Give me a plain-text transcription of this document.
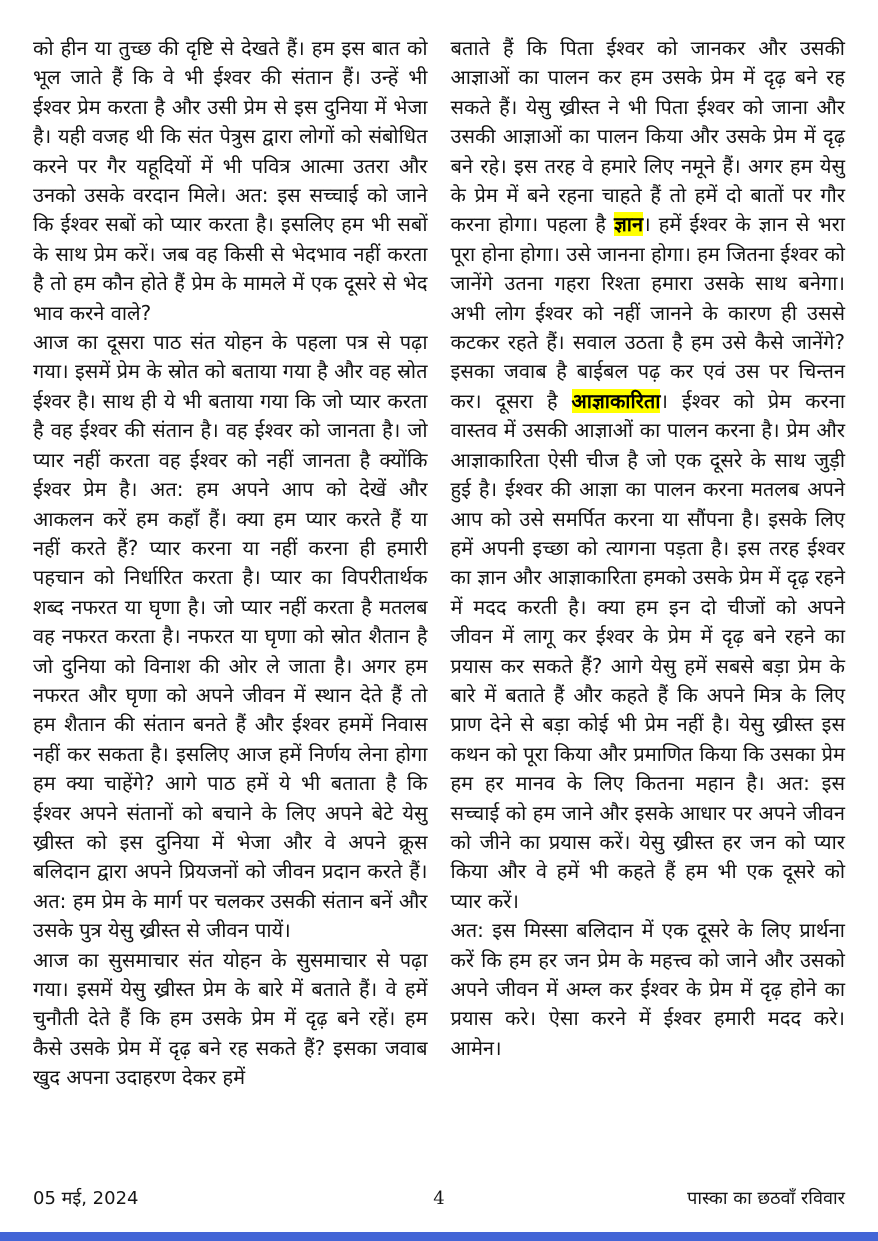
को हीन या तुच्छ की दृष्टि से देखते हैं। हम इस बात को भूल जाते हैं कि वे भी ईश्वर की संतान हैं। उन्हें भी ईश्वर प्रेम करता है और उसी प्रेम से इस दुनिया में भेजा है। यही वजह थी कि संत पेत्रुस द्वारा लोगों को संबोधित करने पर गैर यहूदियों में भी पवित्र आत्मा उतरा और उनको उसके वरदान मिले। अत: इस सच्चाई को जाने कि ईश्वर सबों को प्यार करता है। इसलिए हम भी सबों के साथ प्रेम करें। जब वह किसी से भेदभाव नहीं करता है तो हम कौन होते हैं प्रेम के मामले में एक दूसरे से भेद भाव करने वाले?

आज का दूसरा पाठ संत योहन के पहला पत्र से पढ़ा गया। इसमें प्रेम के स्रोत को बताया गया है और वह स्रोत ईश्वर है। साथ ही ये भी बताया गया कि जो प्यार करता है वह ईश्वर की संतान है। वह ईश्वर को जानता है। जो प्यार नहीं करता वह ईश्वर को नहीं जानता है क्योंकि ईश्वर प्रेम है। अत: हम अपने आप को देखें और आकलन करें हम कहाँ हैं। क्या हम प्यार करते हैं या नहीं करते हैं? प्यार करना या नहीं करना ही हमारी पहचान को निर्धारित करता है। प्यार का विपरीतार्थक शब्द नफरत या घृणा है। जो प्यार नहीं करता है मतलब वह नफरत करता है। नफरत या घृणा को स्रोत शैतान है जो दुनिया को विनाश की ओर ले जाता है। अगर हम नफरत और घृणा को अपने जीवन में स्थान देते हैं तो हम शैतान की संतान बनते हैं और ईश्वर हममें निवास नहीं कर सकता है। इसलिए आज हमें निर्णय लेना होगा हम क्या चाहेंगे? आगे पाठ हमें ये भी बताता है कि ईश्वर अपने संतानों को बचाने के लिए अपने बेटे येसु ख्रीस्त को इस दुनिया में भेजा और वे अपने क्रूस बलिदान द्वारा अपने प्रियजनों को जीवन प्रदान करते हैं। अत: हम प्रेम के मार्ग पर चलकर उसकी संतान बनें और उसके पुत्र येसु ख्रीस्त से जीवन पायें।

आज का सुसमाचार संत योहन के सुसमाचार से पढ़ा गया। इसमें येसु ख्रीस्त प्रेम के बारे में बताते हैं। वे हमें चुनौती देते हैं कि हम उसके प्रेम में दृढ़ बने रहें। हम कैसे उसके प्रेम में दृढ़ बने रह सकते हैं? इसका जवाब खुद अपना उदाहरण देकर हमें

बताते हैं कि पिता ईश्वर को जानकर और उसकी आज्ञाओं का पालन कर हम उसके प्रेम में दृढ़ बने रह सकते हैं। येसु ख्रीस्त ने भी पिता ईश्वर को जाना और उसकी आज्ञाओं का पालन किया और उसके प्रेम में दृढ़ बने रहे। इस तरह वे हमारे लिए नमूने हैं। अगर हम येसु के प्रेम में बने रहना चाहते हैं तो हमें दो बातों पर गौर करना होगा। पहला है ज्ञान। हमें ईश्वर के ज्ञान से भरा पूरा होना होगा। उसे जानना होगा। हम जितना ईश्वर को जानेंगे उतना गहरा रिश्ता हमारा उसके साथ बनेगा। अभी लोग ईश्वर को नहीं जानने के कारण ही उससे कटकर रहते हैं। सवाल उठता है हम उसे कैसे जानेंगे? इसका जवाब है बाईबल पढ़ कर एवं उस पर चिन्तन कर। दूसरा है आज्ञाकारिता। ईश्वर को प्रेम करना वास्तव में उसकी आज्ञाओं का पालन करना है। प्रेम और आज्ञाकारिता ऐसी चीज है जो एक दूसरे के साथ जुड़ी हुई है। ईश्वर की आज्ञा का पालन करना मतलब अपने आप को उसे समर्पित करना या सौंपना है। इसके लिए हमें अपनी इच्छा को त्यागना पड़ता है। इस तरह ईश्वर का ज्ञान और आज्ञाकारिता हमको उसके प्रेम में दृढ़ रहने में मदद करती है। क्या हम इन दो चीजों को अपने जीवन में लागू कर ईश्वर के प्रेम में दृढ़ बने रहने का प्रयास कर सकते हैं? आगे येसु हमें सबसे बड़ा प्रेम के बारे में बताते हैं और कहते हैं कि अपने मित्र के लिए प्राण देने से बड़ा कोई भी प्रेम नहीं है। येसु ख्रीस्त इस कथन को पूरा किया और प्रमाणित किया कि उसका प्रेम हम हर मानव के लिए कितना महान है। अत: इस सच्चाई को हम जाने और इसके आधार पर अपने जीवन को जीने का प्रयास करें। येसु ख्रीस्त हर जन को प्यार किया और वे हमें भी कहते हैं हम भी एक दूसरे को प्यार करें।

अत: इस मिस्सा बलिदान में एक दूसरे के लिए प्रार्थना करें कि हम हर जन प्रेम के महत्त्व को जाने और उसको अपने जीवन में अम्ल कर ईश्वर के प्रेम में दृढ़ होने का प्रयास करे। ऐसा करने में ईश्वर हमारी मदद करे। आमेन।

05 मई, 2024	4	पास्का का छठवाँ रविवार
